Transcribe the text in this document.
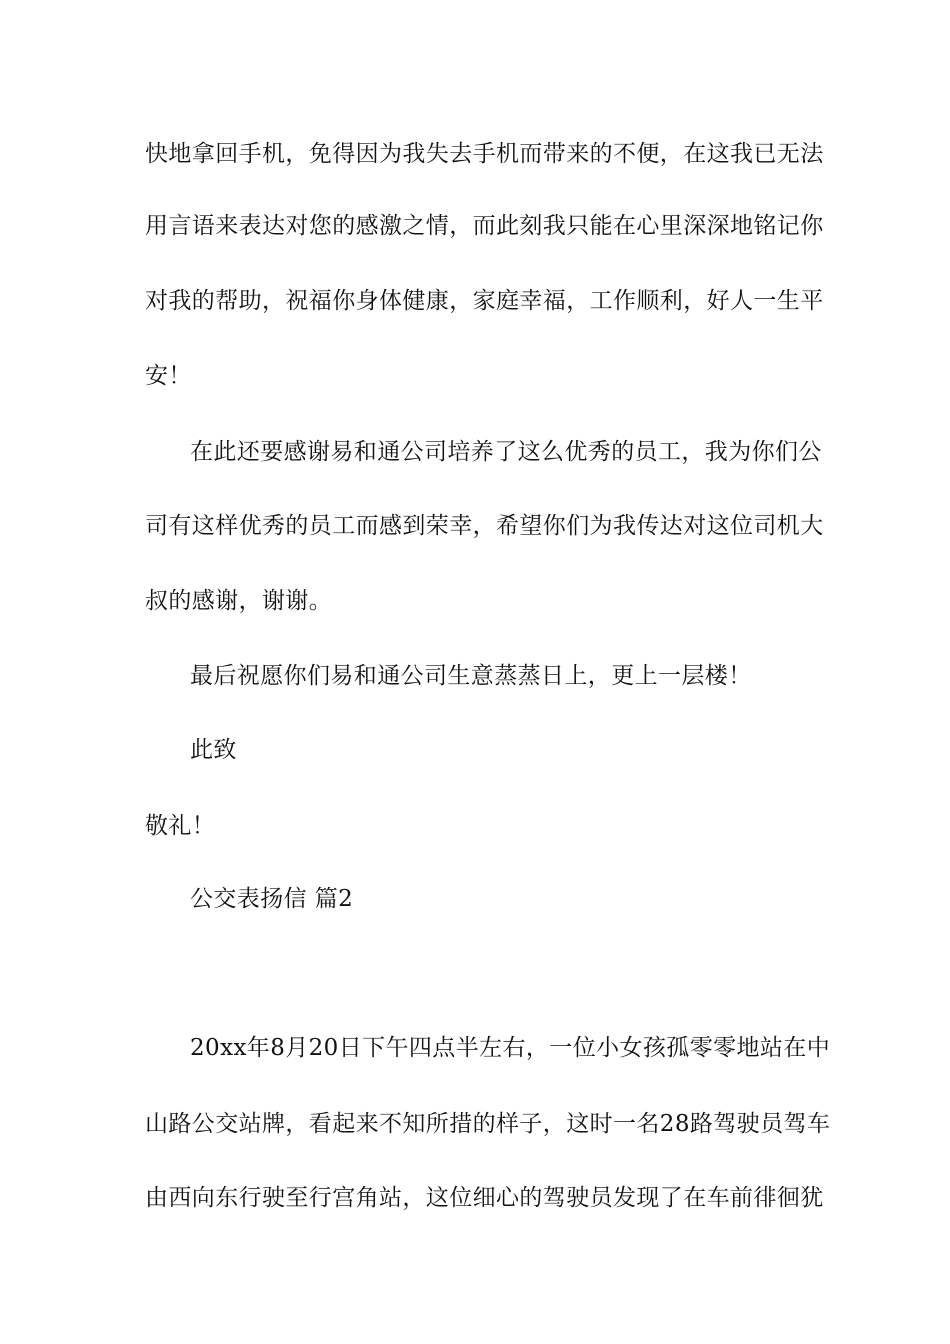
快地拿回手机，免得因为我失去手机而带来的不便，在这我已无法
用言语来表达对您的感激之情，而此刻我只能在心里深深地铭记你
对我的帮助，祝福你身体健康，家庭幸福，工作顺利，好人一生平
安！
在此还要感谢易和通公司培养了这么优秀的员工，我为你们公
司有这样优秀的员工而感到荣幸，希望你们为我传达对这位司机大
叔的感谢，谢谢。
最后祝愿你们易和通公司生意蒸蒸日上，更上一层楼！
此致
敬礼！
公交表扬信 篇2
20xx年8月20日下午四点半左右，一位小女孩孤零零地站在中
山路公交站牌，看起来不知所措的样子，这时一名28路驾驶员驾车
由西向东行驶至行宫角站，这位细心的驾驶员发现了在车前徘徊犹
